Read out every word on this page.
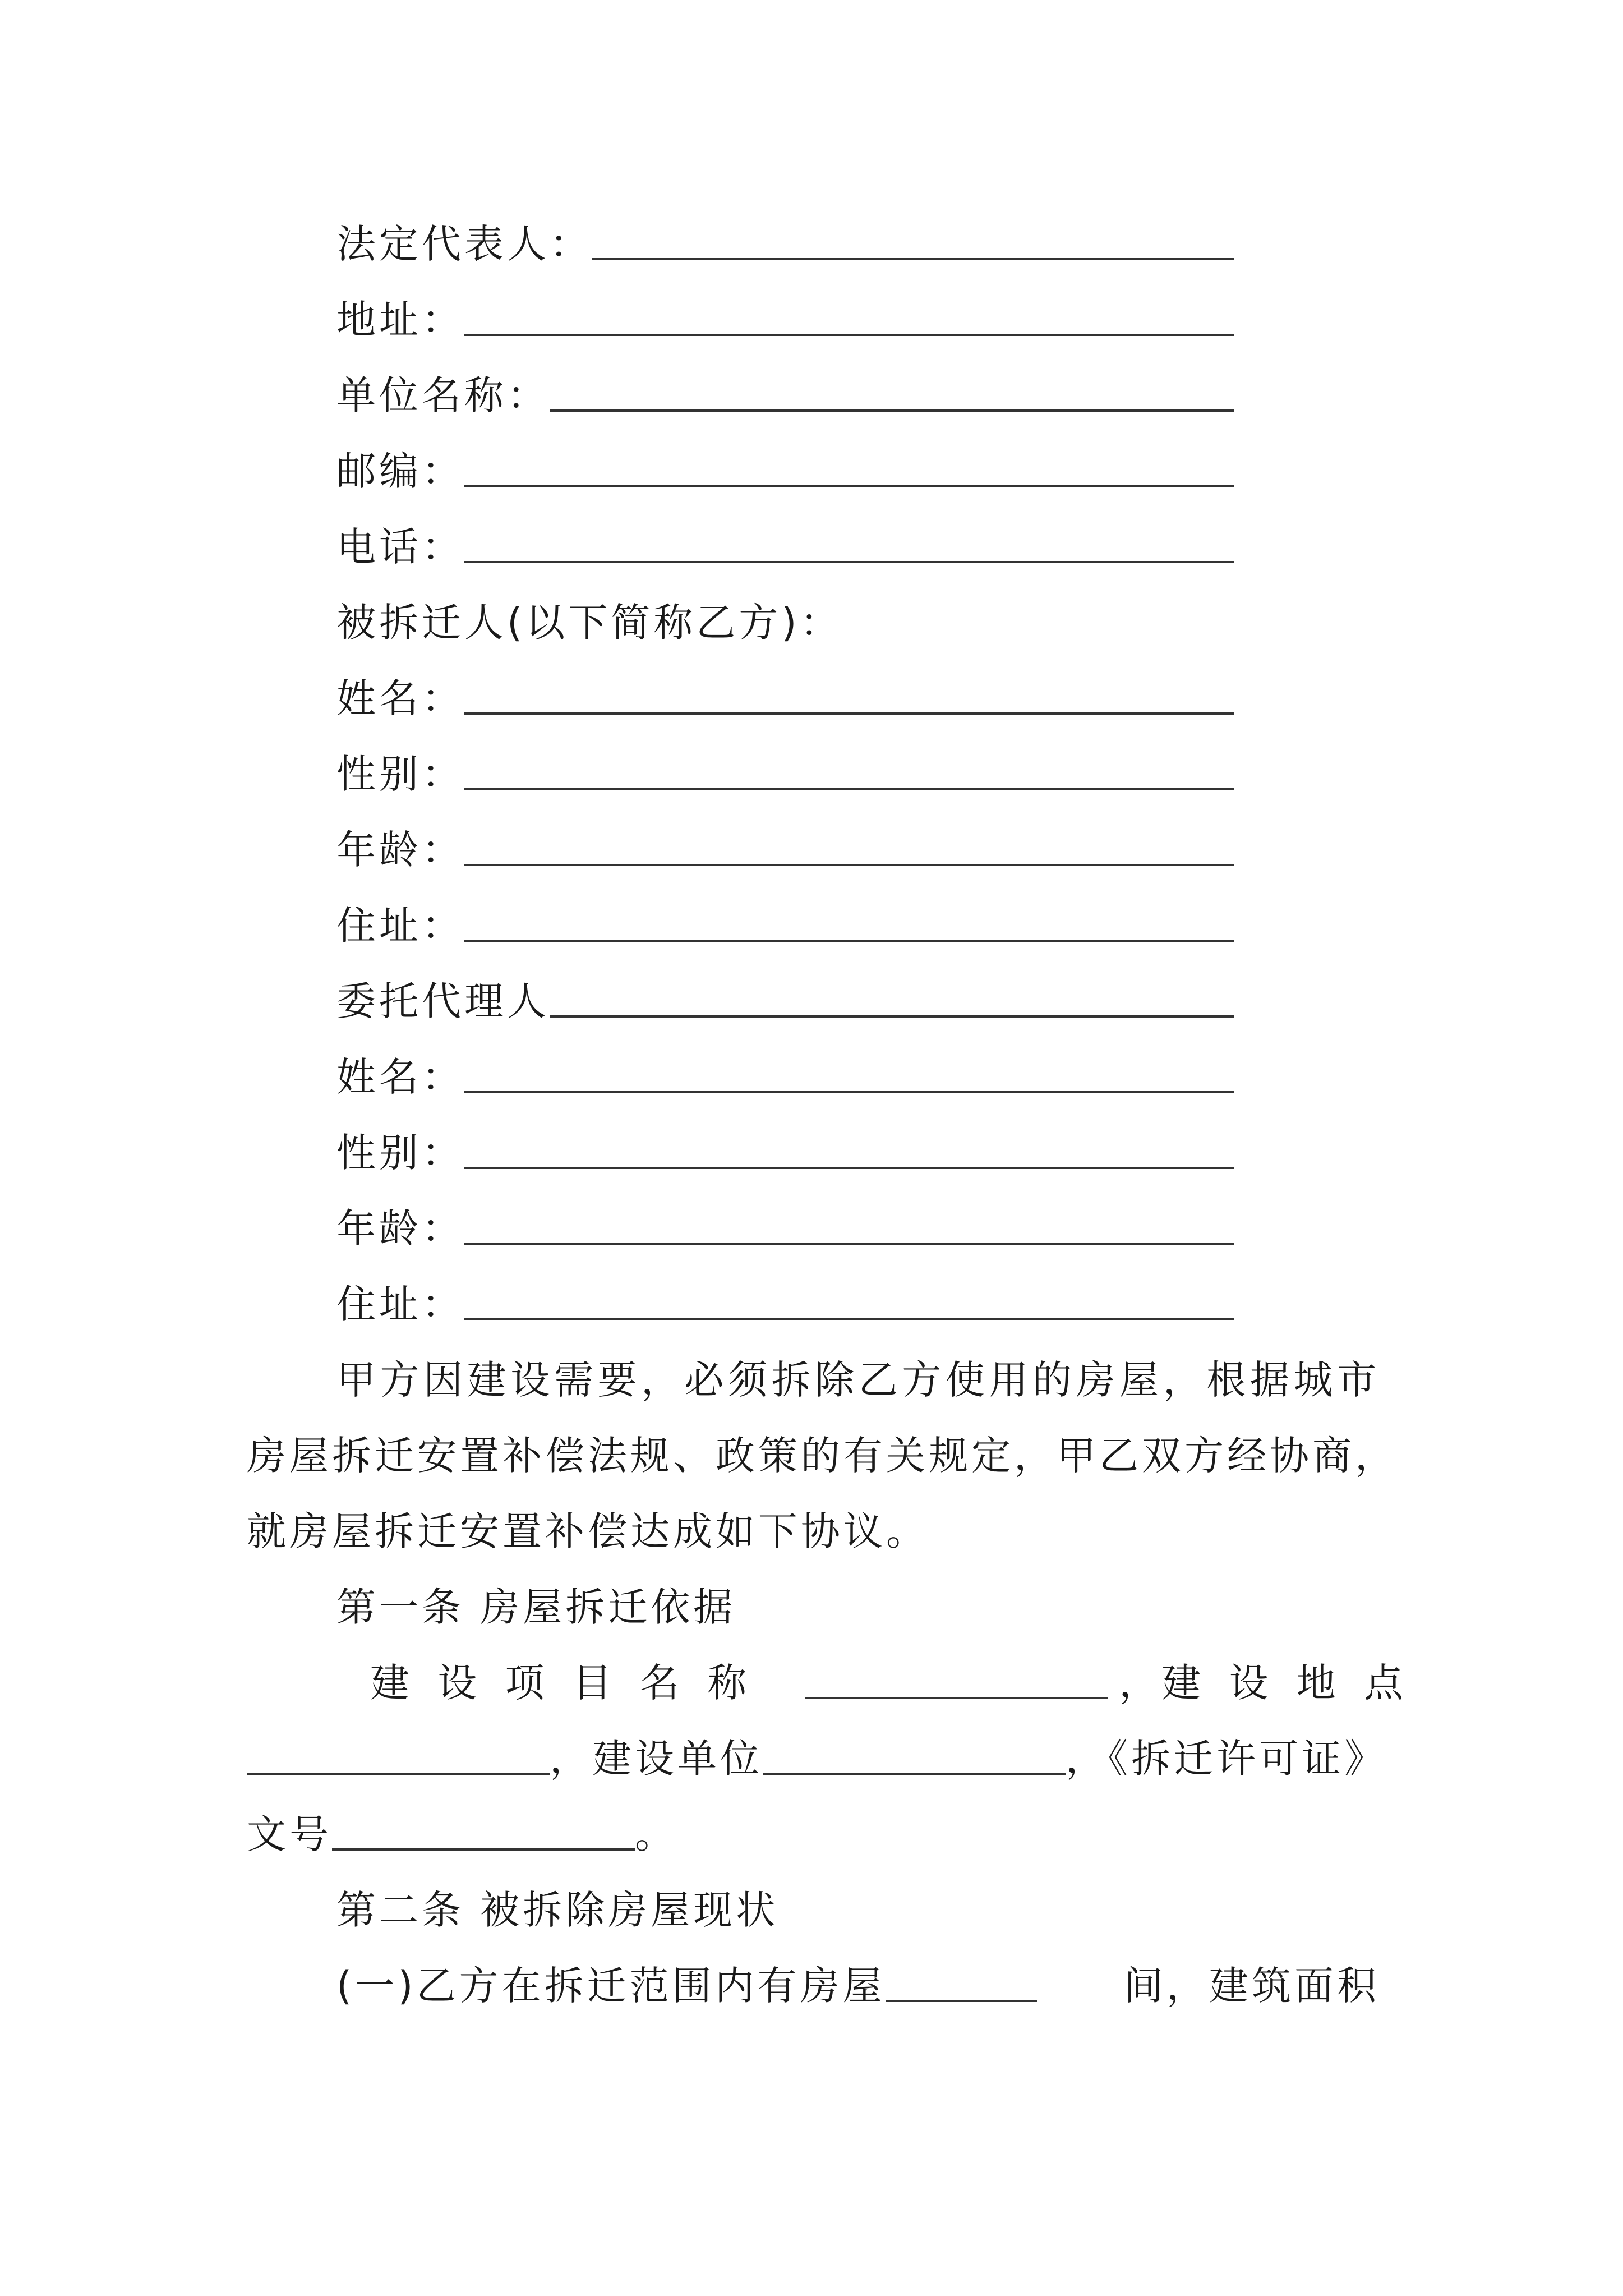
法定代表人：
地址：
单位名称：
邮编：
电话：
被拆迁人(以下简称乙方)：
姓名：
性别：
年龄：
住址：
委托代理人
姓名：
性别：
年龄：
住址：
甲方因建设需要，必须拆除乙方使用的房屋，根据城市
房屋拆迁安置补偿法规、政策的有关规定，甲乙双方经协商，
就房屋拆迁安置补偿达成如下协议。
第一条 房屋拆迁依据
建 设 项 目 名 称	， 建 设 地 点
，建设单位	，《拆迁许可证》
文号	。
第二条 被拆除房屋现状
(一)乙方在拆迁范围内有房屋	间，建筑面积
